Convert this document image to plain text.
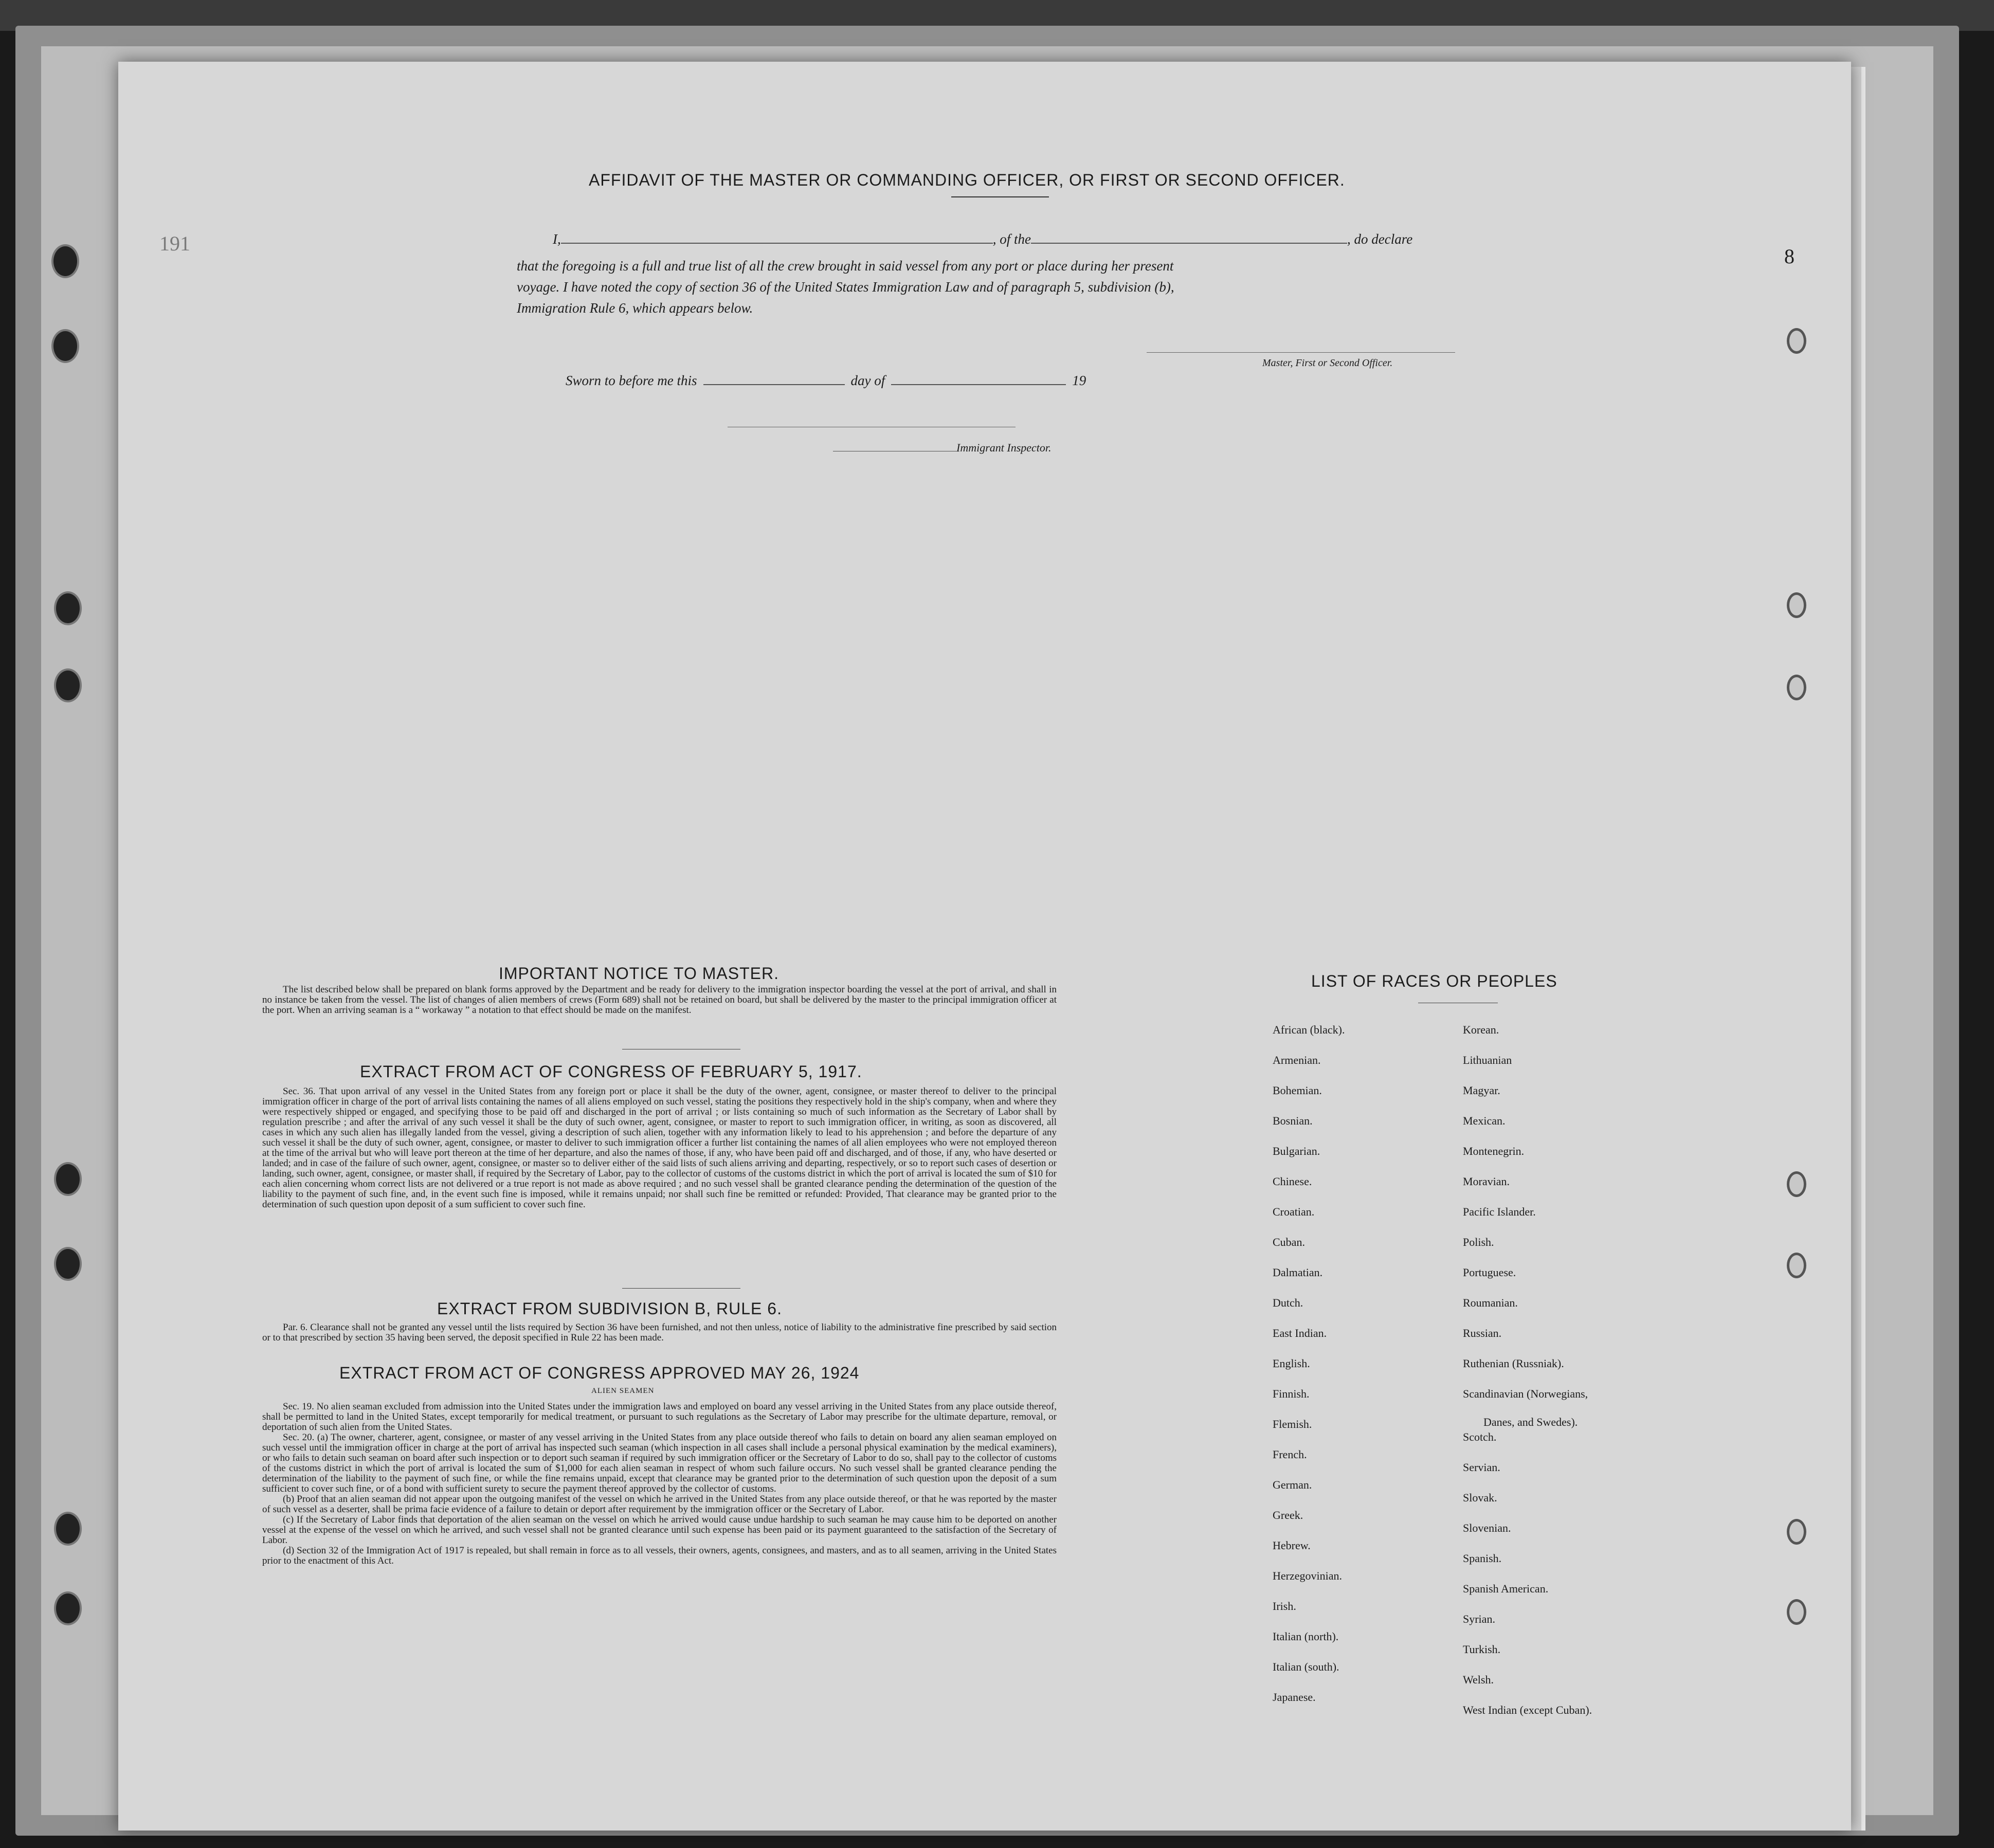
191
AFFIDAVIT OF THE MASTER OR COMMANDING OFFICER, OR FIRST OR SECOND OFFICER.
I,	, of the	, do declare
that the foregoing is a full and true list of all the crew brought in said vessel from any port or place during her present
voyage. I have noted the copy of section 36 of the United States Immigration Law and of paragraph 5, subdivision (b),
Immigration Rule 6, which appears below.
Master, First or Second Officer.
Sworn to before me this	day of	19
Immigrant Inspector.
8
IMPORTANT NOTICE TO MASTER.

The list described below shall be prepared on blank forms approved by the Department and be ready for delivery to the immigration inspector boarding the vessel at the port of arrival, and shall in no instance be taken from the vessel. The list of changes of alien members of crews (Form 689) shall not be retained on board, but shall be delivered by the master to the principal immigration officer at the port. When an arriving seaman is a “ workaway ” a notation to that effect should be made on the manifest.

EXTRACT FROM ACT OF CONGRESS OF FEBRUARY 5, 1917.

Sec. 36. That upon arrival of any vessel in the United States from any foreign port or place it shall be the duty of the owner, agent, consignee, or master thereof to deliver to the principal immigration officer in charge of the port of arrival lists containing the names of all aliens employed on such vessel, stating the positions they respectively hold in the ship's company, when and where they were respectively shipped or engaged, and specifying those to be paid off and discharged in the port of arrival ; or lists containing so much of such information as the Secretary of Labor shall by regulation prescribe ; and after the arrival of any such vessel it shall be the duty of such owner, agent, consignee, or master to report to such immigration officer, in writing, as soon as discovered, all cases in which any such alien has illegally landed from the vessel, giving a description of such alien, together with any information likely to lead to his apprehension ; and before the departure of any such vessel it shall be the duty of such owner, agent, consignee, or master to deliver to such immigration officer a further list containing the names of all alien employees who were not employed thereon at the time of the arrival but who will leave port thereon at the time of her departure, and also the names of those, if any, who have been paid off and discharged, and of those, if any, who have deserted or landed; and in case of the failure of such owner, agent, consignee, or master so to deliver either of the said lists of such aliens arriving and departing, respectively, or so to report such cases of desertion or landing, such owner, agent, consignee, or master shall, if required by the Secretary of Labor, pay to the collector of customs of the customs district in which the port of arrival is located the sum of $10 for each alien concerning whom correct lists are not delivered or a true report is not made as above required ; and no such vessel shall be granted clearance pending the determination of the question of the liability to the payment of such fine, and, in the event such fine is imposed, while it remains unpaid; nor shall such fine be remitted or refunded: Provided, That clearance may be granted prior to the determination of such question upon deposit of a sum sufficient to cover such fine.

EXTRACT FROM SUBDIVISION B, RULE 6.

Par. 6. Clearance shall not be granted any vessel until the lists required by Section 36 have been furnished, and not then unless, notice of liability to the administrative fine prescribed by said section or to that prescribed by section 35 having been served, the deposit specified in Rule 22 has been made.

EXTRACT FROM ACT OF CONGRESS APPROVED MAY 26, 1924
ALIEN SEAMEN

Sec. 19. No alien seaman excluded from admission into the United States under the immigration laws and employed on board any vessel arriving in the United States from any place outside thereof, shall be permitted to land in the United States, except temporarily for medical treatment, or pursuant to such regulations as the Secretary of Labor may prescribe for the ultimate departure, removal, or deportation of such alien from the United States.

Sec. 20. (a) The owner, charterer, agent, consignee, or master of any vessel arriving in the United States from any place outside thereof who fails to detain on board any alien seaman employed on such vessel until the immigration officer in charge at the port of arrival has inspected such seaman (which inspection in all cases shall include a personal physical examination by the medical examiners), or who fails to detain such seaman on board after such inspection or to deport such seaman if required by such immigration officer or the Secretary of Labor to do so, shall pay to the collector of customs of the customs district in which the port of arrival is located the sum of $1,000 for each alien seaman in respect of whom such failure occurs. No such vessel shall be granted clearance pending the determination of the liability to the payment of such fine, or while the fine remains unpaid, except that clearance may be granted prior to the determination of such question upon the deposit of a sum sufficient to cover such fine, or of a bond with sufficient surety to secure the payment thereof approved by the collector of customs.

(b) Proof that an alien seaman did not appear upon the outgoing manifest of the vessel on which he arrived in the United States from any place outside thereof, or that he was reported by the master of such vessel as a deserter, shall be prima facie evidence of a failure to detain or deport after requirement by the immigration officer or the Secretary of Labor.

(c) If the Secretary of Labor finds that deportation of the alien seaman on the vessel on which he arrived would cause undue hardship to such seaman he may cause him to be deported on another vessel at the expense of the vessel on which he arrived, and such vessel shall not be granted clearance until such expense has been paid or its payment guaranteed to the satisfaction of the Secretary of Labor.

(d) Section 32 of the Immigration Act of 1917 is repealed, but shall remain in force as to all vessels, their owners, agents, consignees, and masters, and as to all seamen, arriving in the United States prior to the enactment of this Act.

LIST OF RACES OR PEOPLES
African (black).
Armenian.
Bohemian.
Bosnian.
Bulgarian.
Chinese.
Croatian.
Cuban.
Dalmatian.
Dutch.
East Indian.
English.
Finnish.
Flemish.
French.
German.
Greek.
Hebrew.
Herzegovinian.
Irish.
Italian (north).
Italian (south).
Japanese.
Korean.
Lithuanian
Magyar.
Mexican.
Montenegrin.
Moravian.
Pacific Islander.
Polish.
Portuguese.
Roumanian.
Russian.
Ruthenian (Russniak).
Scandinavian (Norwegians,
Danes, and Swedes).
Scotch.
Servian.
Slovak.
Slovenian.
Spanish.
Spanish American.
Syrian.
Turkish.
Welsh.
West Indian (except Cuban).
